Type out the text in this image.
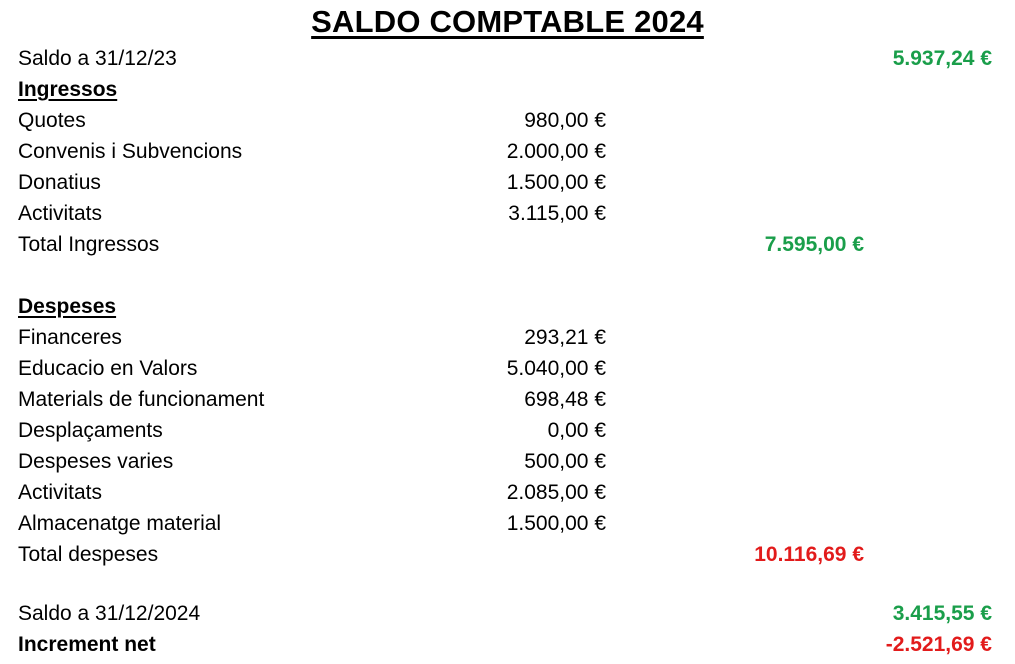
SALDO COMPTABLE 2024
Saldo a 31/12/23	5.937,24 €
Ingressos
Quotes	980,00 €
Convenis i Subvencions	2.000,00 €
Donatius	1.500,00 €
Activitats	3.115,00 €
Total Ingressos	7.595,00 €
Despeses
Financeres	293,21 €
Educacio en Valors	5.040,00 €
Materials de funcionament	698,48 €
Desplaçaments	0,00 €
Despeses varies	500,00 €
Activitats	2.085,00 €
Almacenatge material	1.500,00 €
Total despeses	10.116,69 €
Saldo a 31/12/2024	3.415,55 €
Increment net	-2.521,69 €
